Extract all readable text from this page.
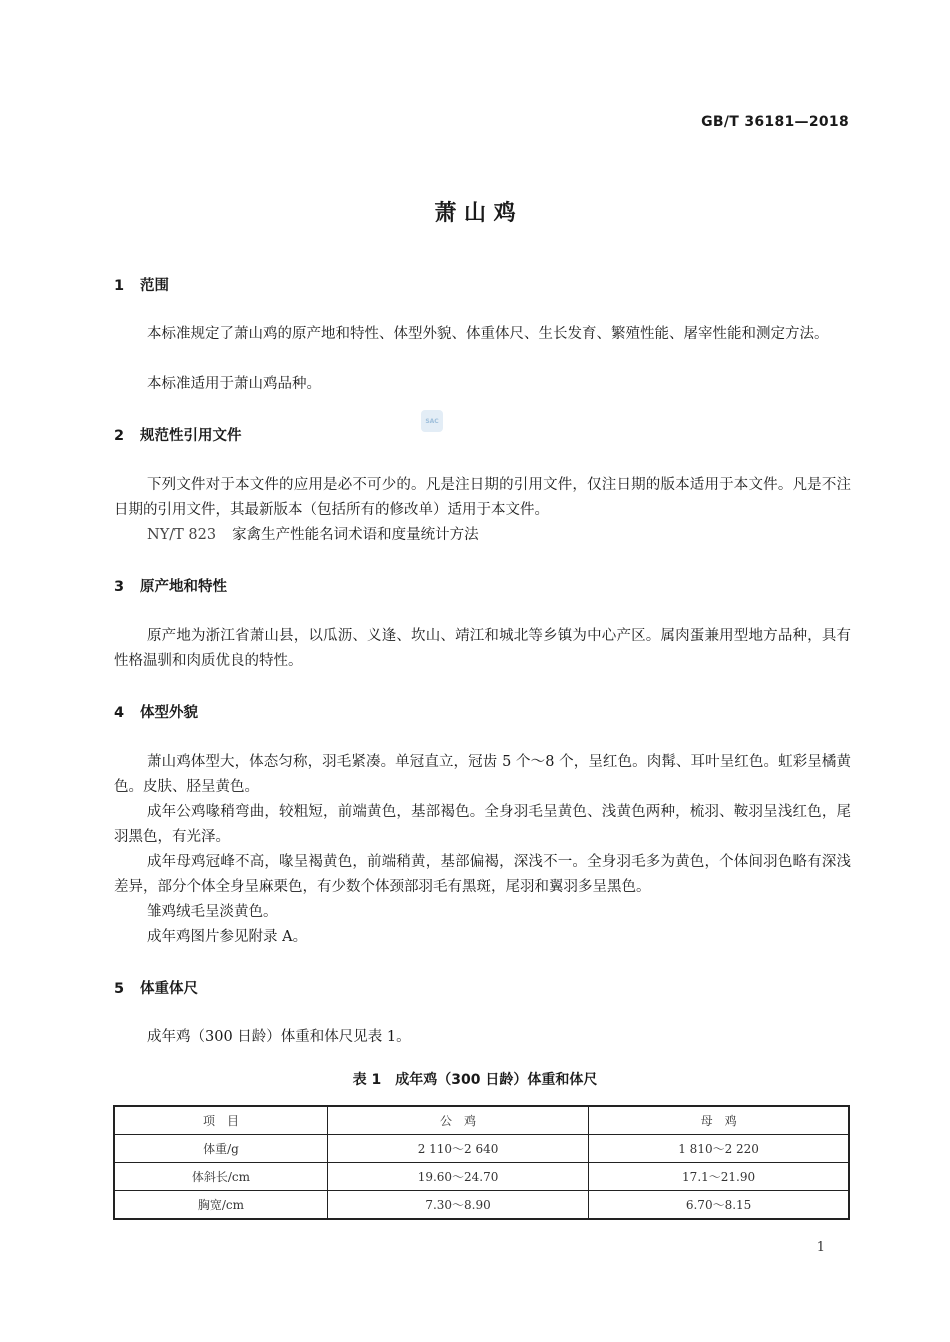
GB/T 36181—2018
萧 山 鸡
1 范围
本标准规定了萧山鸡的原产地和特性、体型外貌、体重体尺、生长发育、繁殖性能、屠宰性能和测定方法。
本标准适用于萧山鸡品种。
SAC
2 规范性引用文件
下列文件对于本文件的应用是必不可少的。凡是注日期的引用文件，仅注日期的版本适用于本文件。凡是不注日期的引用文件，其最新版本（包括所有的修改单）适用于本文件。
NY/T 823 家禽生产性能名词术语和度量统计方法
3 原产地和特性
原产地为浙江省萧山县，以瓜沥、义逢、坎山、靖江和城北等乡镇为中心产区。属肉蛋兼用型地方品种，具有性格温驯和肉质优良的特性。
4 体型外貌
萧山鸡体型大，体态匀称，羽毛紧凑。单冠直立，冠齿 5 个～8 个，呈红色。肉髯、耳叶呈红色。虹彩呈橘黄色。皮肤、胫呈黄色。
成年公鸡喙稍弯曲，较粗短，前端黄色，基部褐色。全身羽毛呈黄色、浅黄色两种，梳羽、鞍羽呈浅红色，尾羽黑色，有光泽。
成年母鸡冠峰不高，喙呈褐黄色，前端稍黄，基部偏褐，深浅不一。全身羽毛多为黄色，个体间羽色略有深浅差异，部分个体全身呈麻栗色，有少数个体颈部羽毛有黑斑，尾羽和翼羽多呈黑色。
雏鸡绒毛呈淡黄色。
成年鸡图片参见附录 A。
5 体重体尺
成年鸡（300 日龄）体重和体尺见表 1。
表 1　成年鸡（300 日龄）体重和体尺
项　目	公　鸡	母　鸡
体重/g	2 110～2 640	1 810～2 220
体斜长/cm	19.60～24.70	17.1～21.90
胸宽/cm	7.30～8.90	6.70～8.15
1
